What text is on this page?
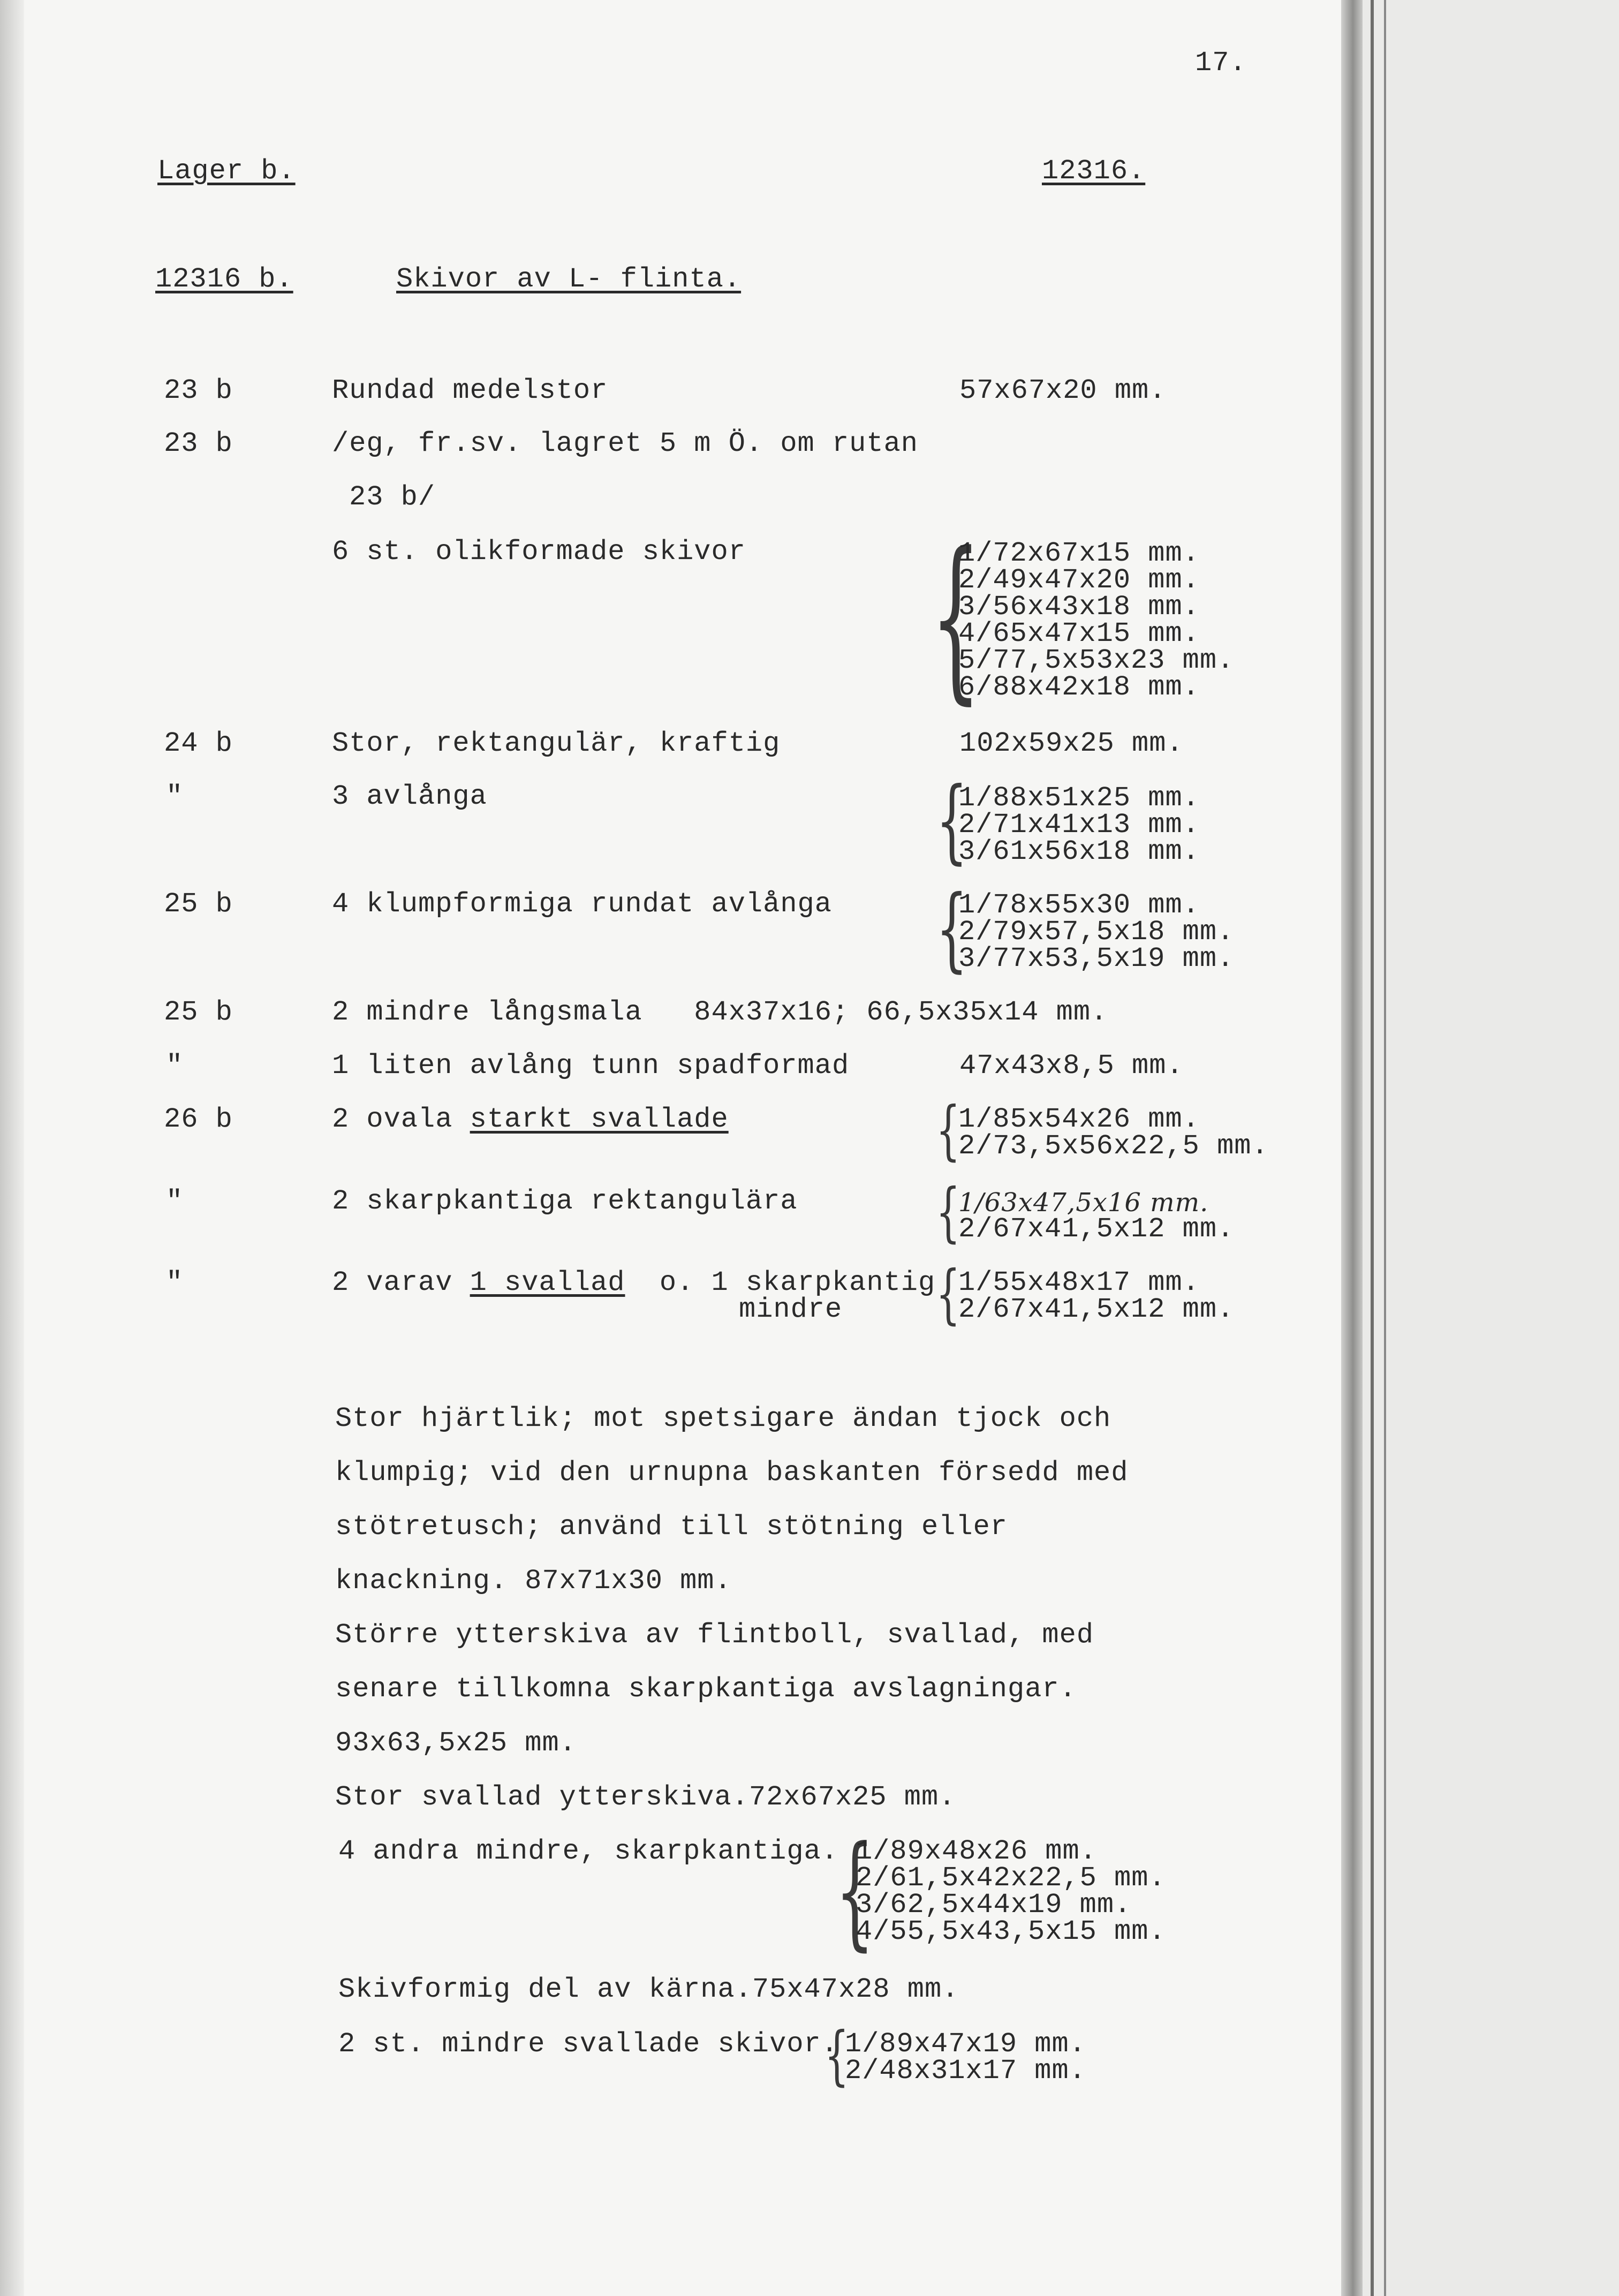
17.
Lager b.	12316.
12316 b.	Skivor av L- flinta.
23 b	Rundad medelstor	57x67x20 mm.
23 b	/eg, fr.sv. lagret 5 m Ö. om rutan
23 b/
6 st. olikformade skivor {
1/72x67x15 mm.
2/49x47x20 mm.
3/56x43x18 mm.
4/65x47x15 mm.
5/77,5x53x23 mm.
6/88x42x18 mm.
24 b	Stor, rektangulär, kraftig	102x59x25 mm.
"	3 avlånga	{
1/88x51x25 mm.
2/71x41x13 mm.
3/61x56x18 mm.
25 b	4 klumpformiga rundat avlånga {
1/78x55x30 mm.
2/79x57,5x18 mm.
3/77x53,5x19 mm.
25 b	2 mindre långsmala   84x37x16; 66,5x35x14 mm.
"	1 liten avlång tunn spadformad	47x43x8,5 mm.
26 b	2 ovala starkt svallade	{
1/85x54x26 mm.
2/73,5x56x22,5 mm.
"	2 skarpkantiga rektangulära {
1/63x47,5x16 mm.
2/67x41,5x12 mm.
"	2 varav 1 svallad  o. 1 skarpkantig
mindre {
1/55x48x17 mm.
2/67x41,5x12 mm.
Stor hjärtlik; mot spetsigare ändan tjock och
klumpig; vid den urnupna baskanten försedd med
stötretusch; använd till stötning eller
knackning. 87x71x30 mm.
Större ytterskiva av flintboll, svallad, med
senare tillkomna skarpkantiga avslagningar.
93x63,5x25 mm.
Stor svallad ytterskiva.72x67x25 mm.
4 andra mindre, skarpkantiga.
{
1/89x48x26 mm.
2/61,5x42x22,5 mm.
3/62,5x44x19 mm.
4/55,5x43,5x15 mm.
Skivformig del av kärna.75x47x28 mm.
2 st. mindre svallade skivor.
{
1/89x47x19 mm.
2/48x31x17 mm.
